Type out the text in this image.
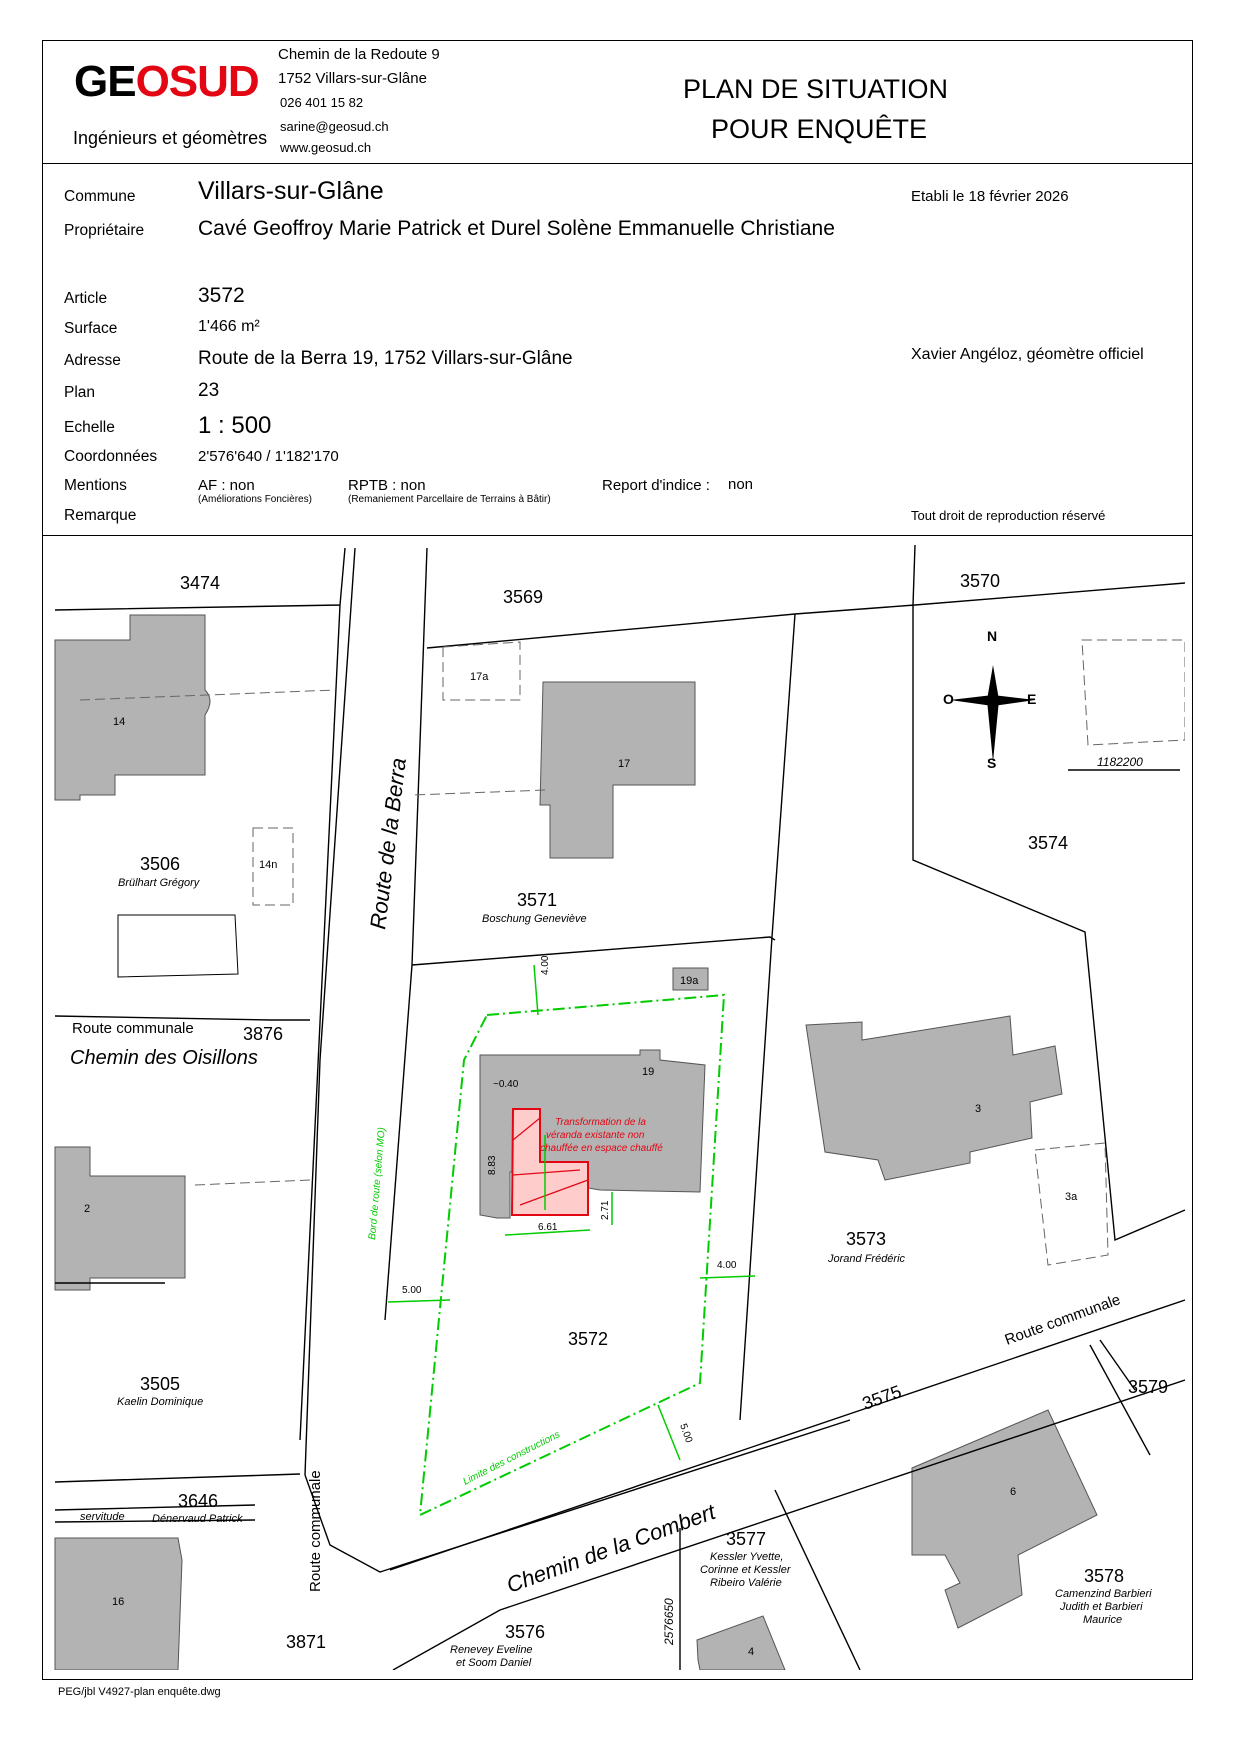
GEOSUD
Ingénieurs et géomètres
Chemin de la Redoute 9
1752 Villars-sur-Glâne
026 401 15 82
sarine@geosud.ch
www.geosud.ch
PLAN DE SITUATION
POUR ENQUÊTE
Commune	Villars-sur-Glâne	Etabli le 18 février 2026
Propriétaire	Cavé Geoffroy Marie Patrick et Durel Solène Emmanuelle Christiane
Article	3572
Surface	1'466 m²
Adresse	Route de la Berra 19, 1752 Villars-sur-Glâne	Xavier Angéloz, géomètre officiel
Plan	23
Echelle	1 : 500
Coordonnées	2'576'640 / 1'182'170
Mentions	AF : non
(Améliorations Foncières)
RPTB : non
(Remaniement Parcellaire de Terrains à Bâtir)
Report d'indice : non
Remarque	Tout droit de reproduction réservé
3474
3569
3570
3506
3571
3574
3876
3572
3573
3505	3575	3579
3646
3577
3578
3576
3871
Brülhart Grégory
Boschung Geneviève
Jorand Frédéric
Kaelin Dominique
Dénervaud Patrick
Kessler Yvette,
Corinne et Kessler
Ribeiro Valérie
Camenzind Barbieri
Judith et Barbieri
Maurice
Renevey Eveline
et Soom Daniel
14
17a
17
14n
19a
19
3
3a
2
6
16
4
Route de la Berra
Chemin des Oisillons
Chemin de la Combert
Route communale
Route communale
Route communale
servitude
N
S
O	E
1182200
2576650
Transformation de la
véranda existante non
chauffée en espace chauffé
Limite des constructions
Bord de route (selon MO)
4.00
4.00
5.00
5.00
~0.40
8.83
6.61
2.71
PEG/jbl V4927-plan enquête.dwg
